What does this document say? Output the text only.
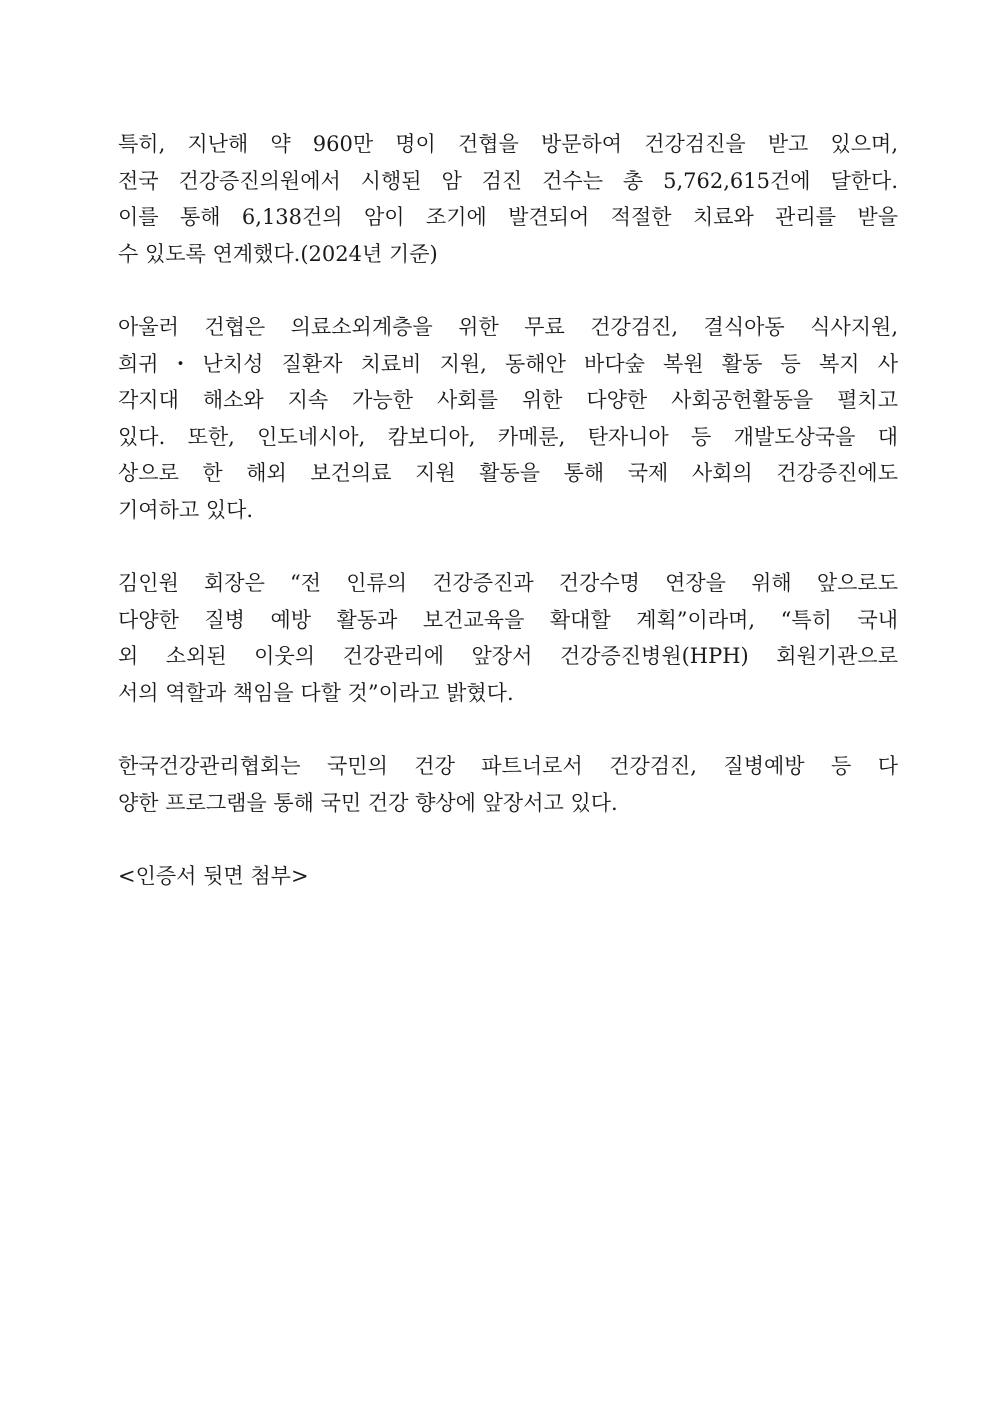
특히, 지난해 약 960만 명이 건협을 방문하여 건강검진을 받고 있으며,
전국 건강증진의원에서 시행된 암 검진 건수는 총 5,762,615건에 달한다.
이를 통해 6,138건의 암이 조기에 발견되어 적절한 치료와 관리를 받을
수 있도록 연계했다.(2024년 기준)

아울러 건협은 의료소외계층을 위한 무료 건강검진, 결식아동 식사지원,
희귀・난치성 질환자 치료비 지원, 동해안 바다숲 복원 활동 등 복지 사
각지대 해소와 지속 가능한 사회를 위한 다양한 사회공헌활동을 펼치고
있다. 또한, 인도네시아, 캄보디아, 카메룬, 탄자니아 등 개발도상국을 대
상으로 한 해외 보건의료 지원 활동을 통해 국제 사회의 건강증진에도
기여하고 있다.

김인원 회장은 “전 인류의 건강증진과 건강수명 연장을 위해 앞으로도
다양한 질병 예방 활동과 보건교육을 확대할 계획”이라며, “특히 국내
외 소외된 이웃의 건강관리에 앞장서 건강증진병원(HPH) 회원기관으로
서의 역할과 책임을 다할 것”이라고 밝혔다.

한국건강관리협회는 국민의 건강 파트너로서 건강검진, 질병예방 등 다
양한 프로그램을 통해 국민 건강 향상에 앞장서고 있다.

<인증서 뒷면 첨부>
